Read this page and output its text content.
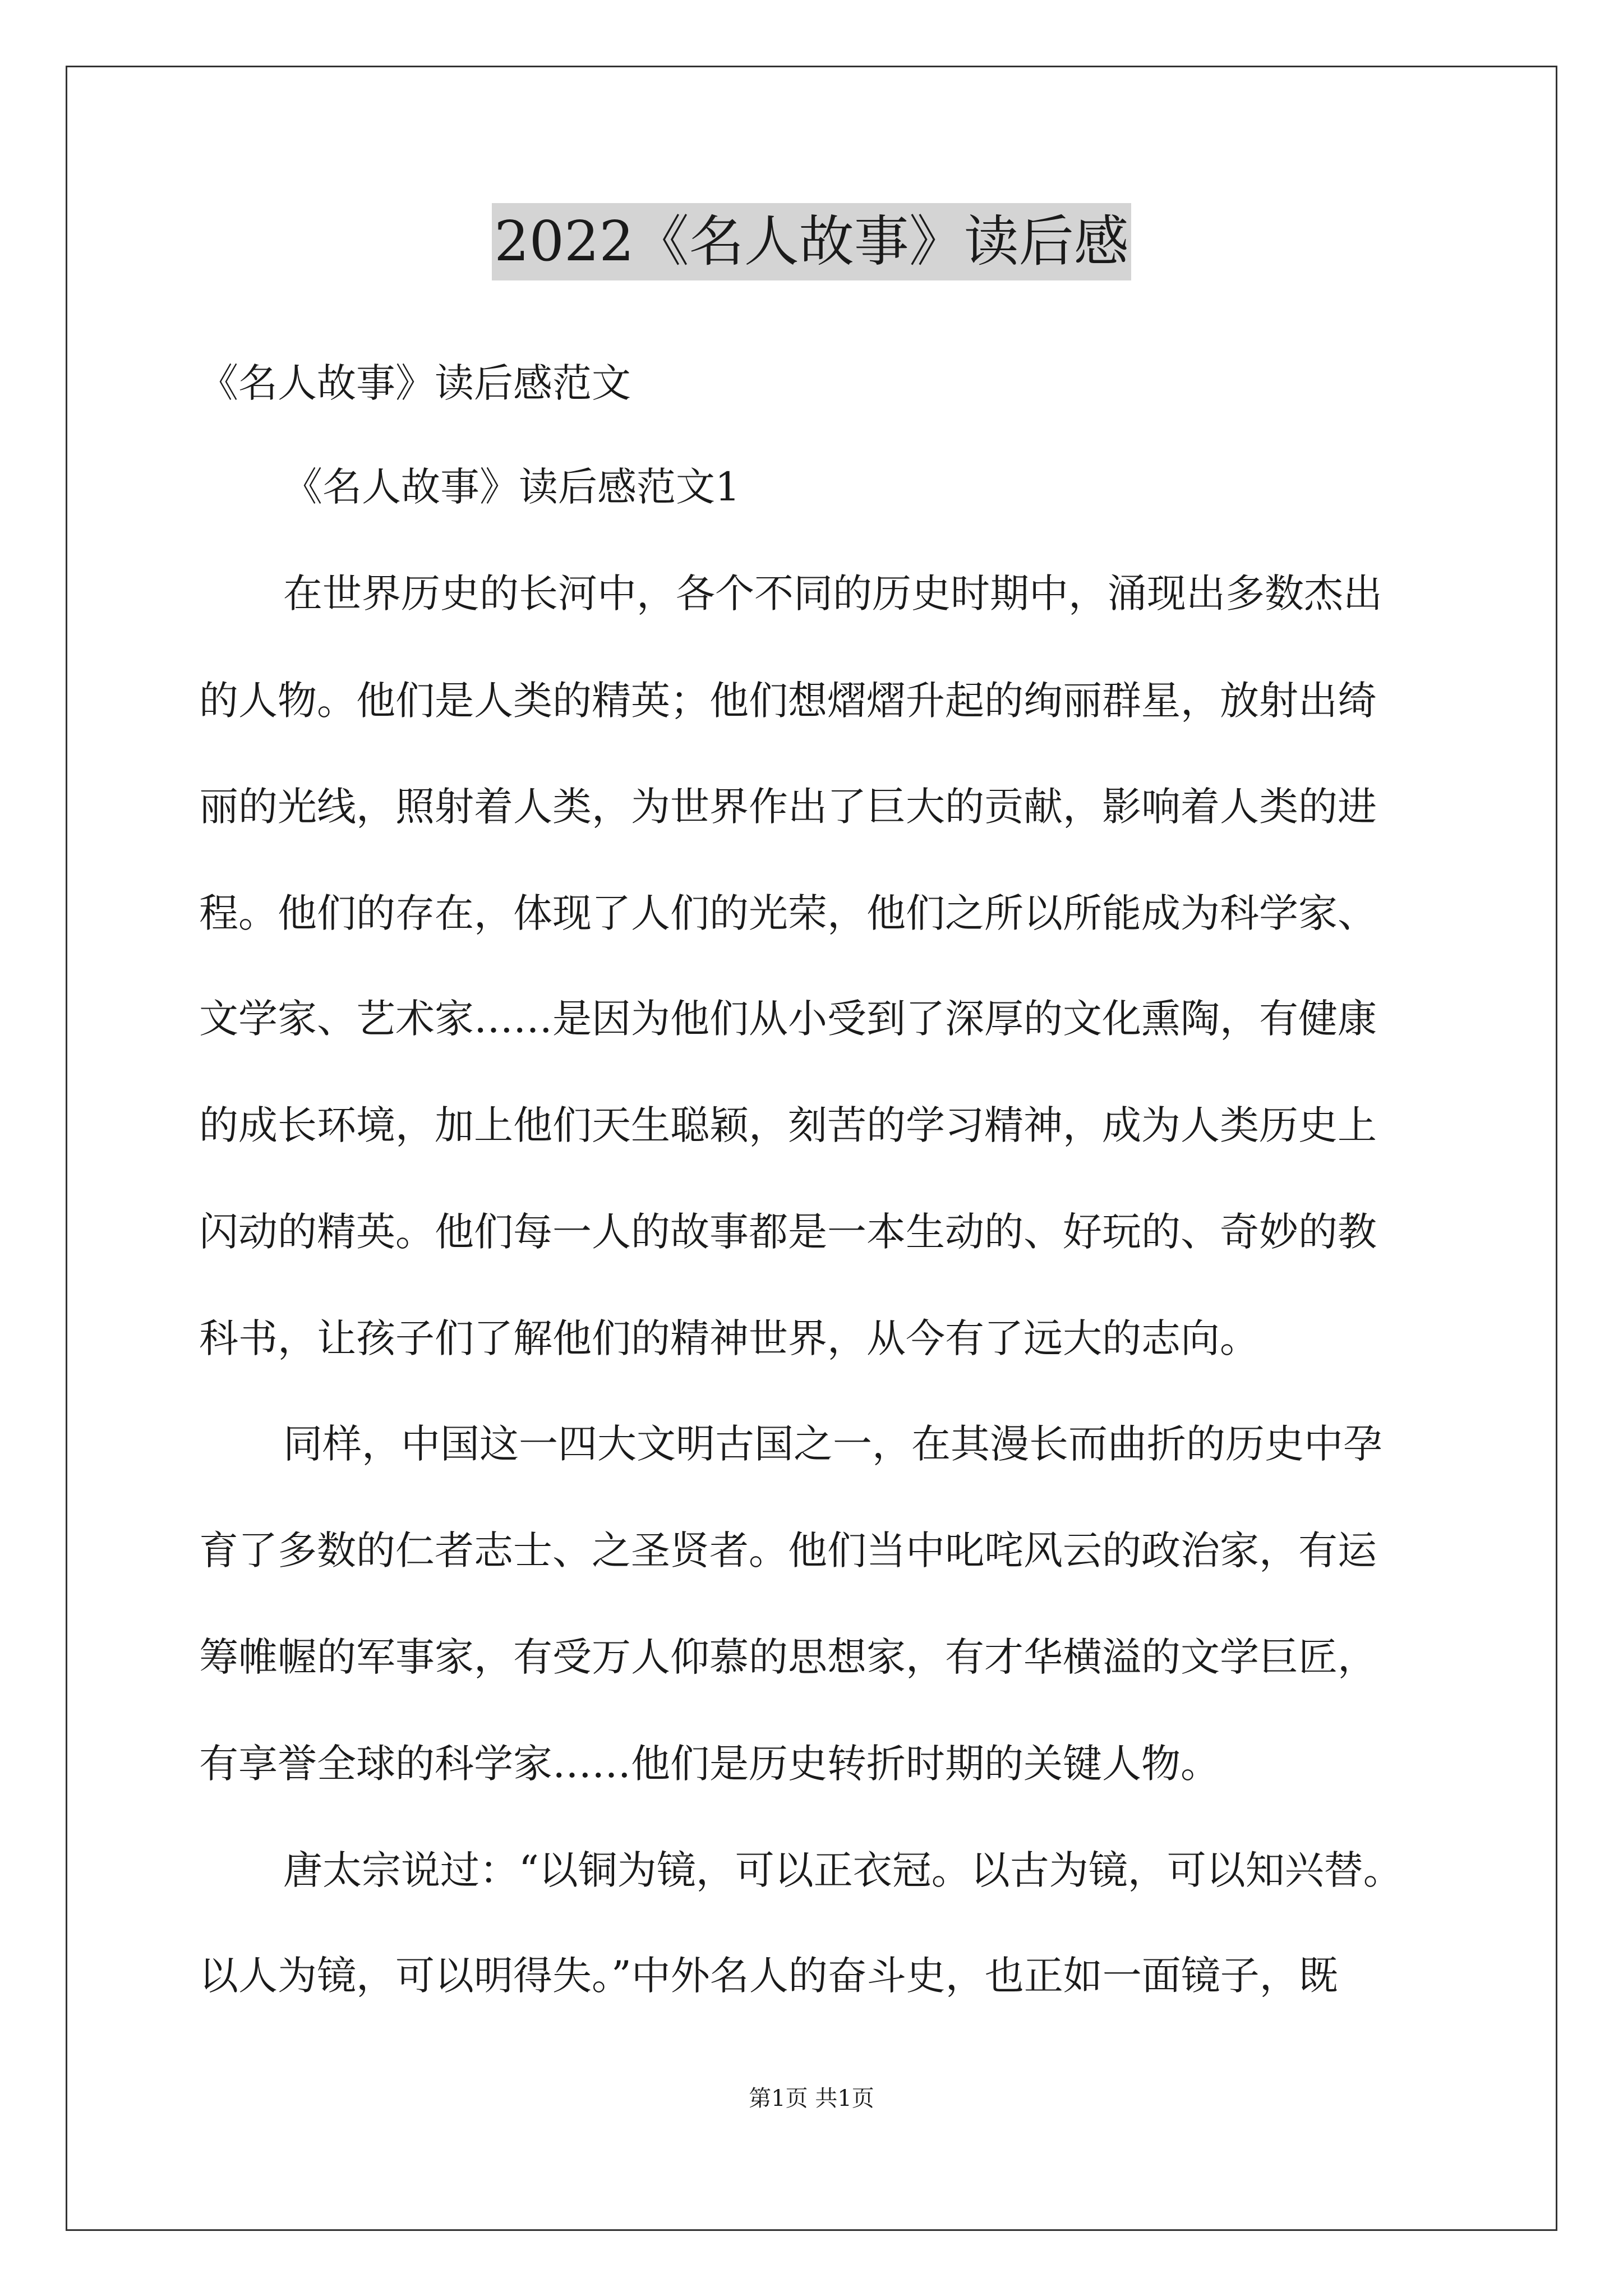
2022《名人故事》读后感
《名人故事》读后感范文
《名人故事》读后感范文1
在世界历史的长河中，各个不同的历史时期中，涌现出多数杰出
的人物。他们是人类的精英；他们想熠熠升起的绚丽群星，放射出绮
丽的光线，照射着人类，为世界作出了巨大的贡献，影响着人类的进
程。他们的存在，体现了人们的光荣，他们之所以所能成为科学家、
文学家、艺术家……是因为他们从小受到了深厚的文化熏陶，有健康
的成长环境，加上他们天生聪颖，刻苦的学习精神，成为人类历史上
闪动的精英。他们每一人的故事都是一本生动的、好玩的、奇妙的教
科书，让孩子们了解他们的精神世界，从今有了远大的志向。
同样，中国这一四大文明古国之一，在其漫长而曲折的历史中孕
育了多数的仁者志士、之圣贤者。他们当中叱咤风云的政治家，有运
筹帷幄的军事家，有受万人仰慕的思想家，有才华横溢的文学巨匠，
有享誉全球的科学家……他们是历史转折时期的关键人物。
唐太宗说过：“以铜为镜，可以正衣冠。以古为镜，可以知兴替。
以人为镜，可以明得失。”中外名人的奋斗史，也正如一面镜子，既
第1页 共1页
